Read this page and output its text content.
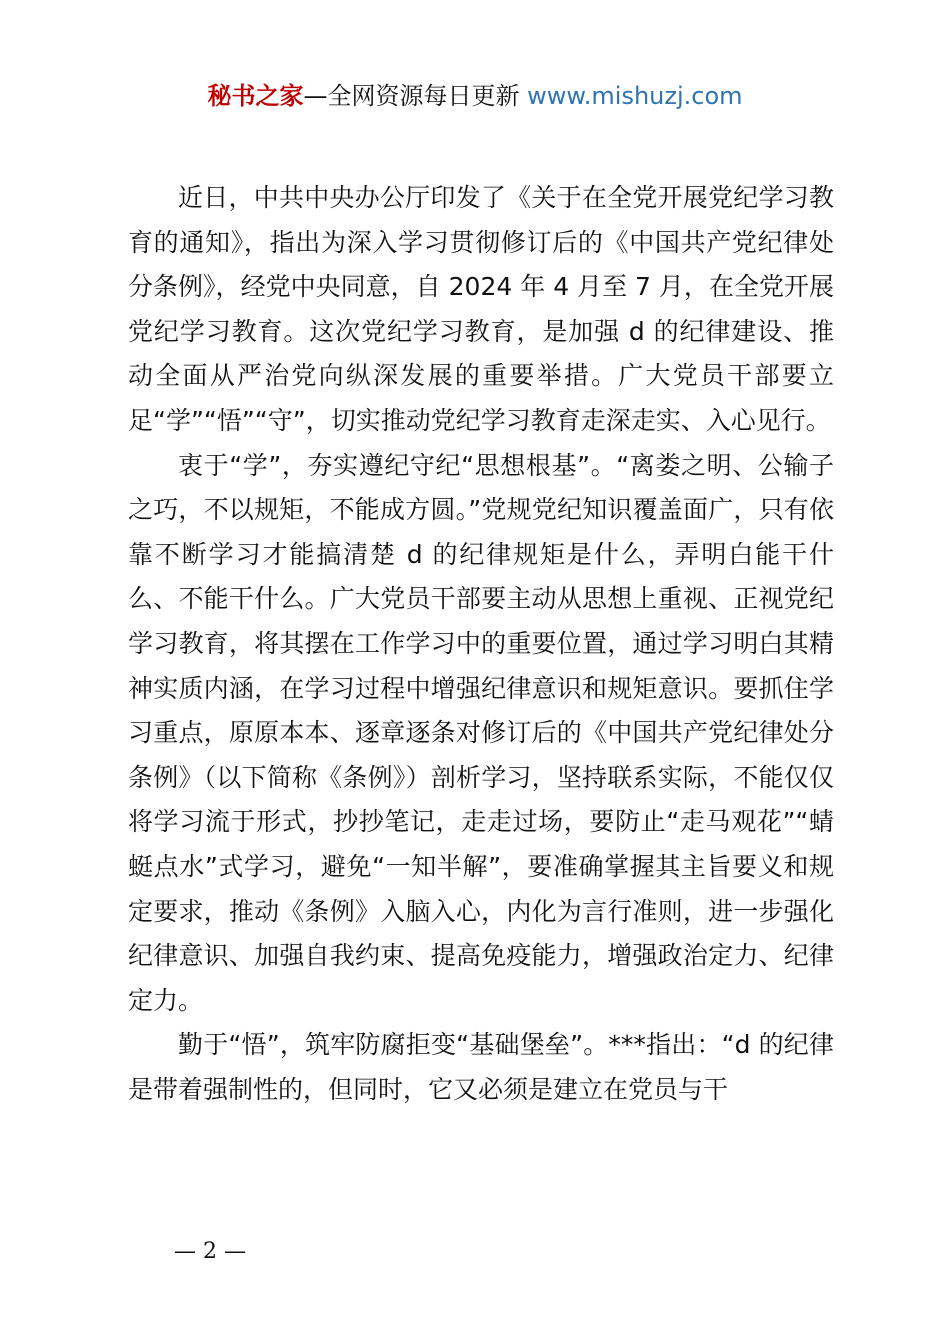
秘书之家—全网资源每日更新 www.mishuzj.com

近日，中共中央办公厅印发了《关于在全党开展党纪学习教育的通知》，指出为深入学习贯彻修订后的《中国共产党纪律处分条例》，经党中央同意，自 2024 年 4 月至 7 月，在全党开展党纪学习教育。这次党纪学习教育，是加强 d 的纪律建设、推动全面从严治党向纵深发展的重要举措。广大党员干部要立足“学”“悟”“守”，切实推动党纪学习教育走深走实、入心见行。

衷于“学”，夯实遵纪守纪“思想根基”。“离娄之明、公输子之巧，不以规矩，不能成方圆。”党规党纪知识覆盖面广，只有依靠不断学习才能搞清楚 d 的纪律规矩是什么，弄明白能干什么、不能干什么。广大党员干部要主动从思想上重视、正视党纪学习教育，将其摆在工作学习中的重要位置，通过学习明白其精神实质内涵，在学习过程中增强纪律意识和规矩意识。要抓住学习重点，原原本本、逐章逐条对修订后的《中国共产党纪律处分条例》（以下简称《条例》）剖析学习，坚持联系实际，不能仅仅将学习流于形式，抄抄笔记，走走过场，要防止“走马观花”“蜻蜓点水”式学习，避免“一知半解”，要准确掌握其主旨要义和规定要求，推动《条例》入脑入心，内化为言行准则，进一步强化纪律意识、加强自我约束、提高免疫能力，增强政治定力、纪律定力。

勤于“悟”，筑牢防腐拒变“基础堡垒”。***指出：“d 的纪律是带着强制性的，但同时，它又必须是建立在党员与干

— 2 —
